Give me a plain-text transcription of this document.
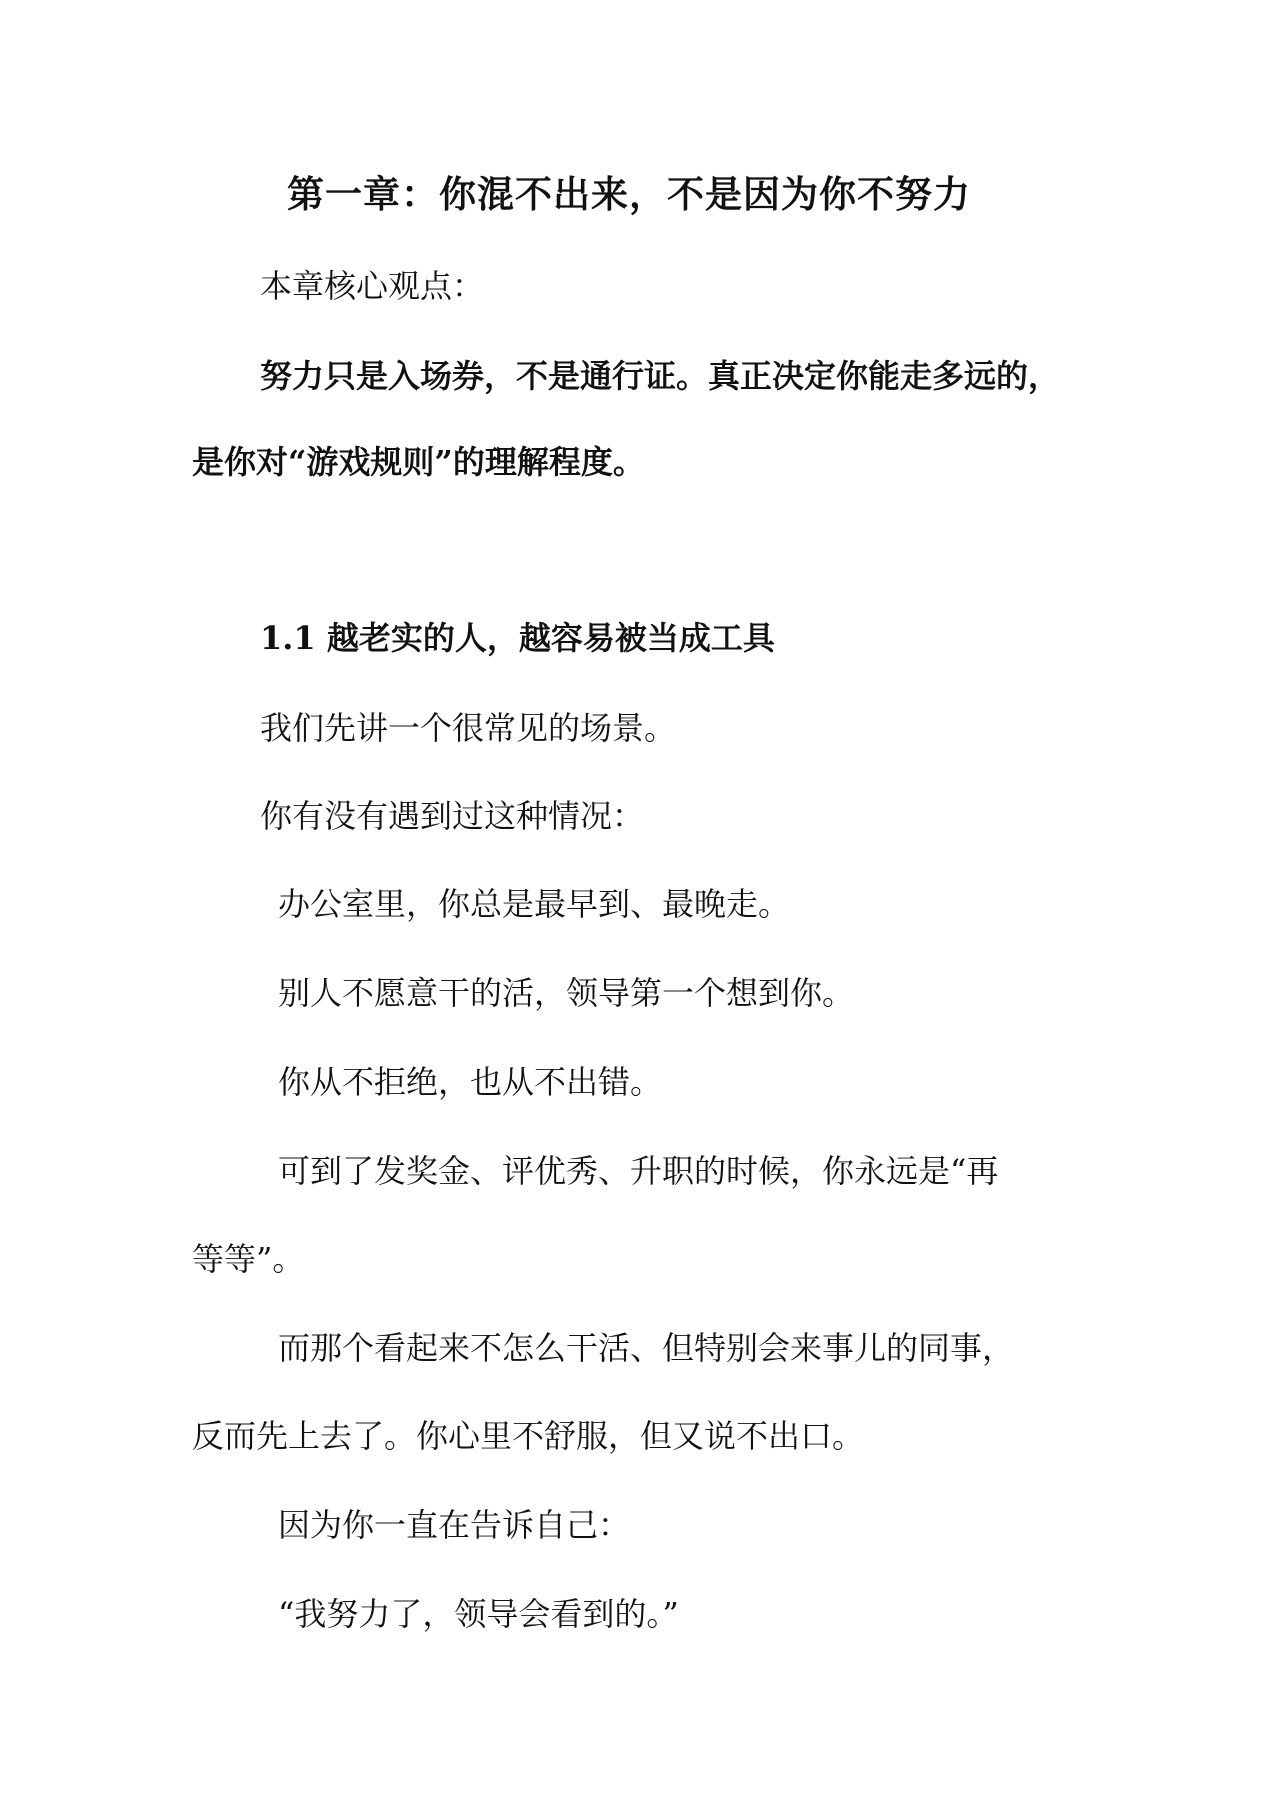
第一章：你混不出来，不是因为你不努力

本章核心观点：

努力只是入场券，不是通行证。真正决定你能走多远的，

是你对“游戏规则”的理解程度。

1.1 越老实的人，越容易被当成工具

我们先讲一个很常见的场景。

你有没有遇到过这种情况：

办公室里，你总是最早到、最晚走。

别人不愿意干的活，领导第一个想到你。

你从不拒绝，也从不出错。

可到了发奖金、评优秀、升职的时候，你永远是“再

等等”。

而那个看起来不怎么干活、但特别会来事儿的同事，

反而先上去了。你心里不舒服，但又说不出口。

因为你一直在告诉自己：

“我努力了，领导会看到的。”
